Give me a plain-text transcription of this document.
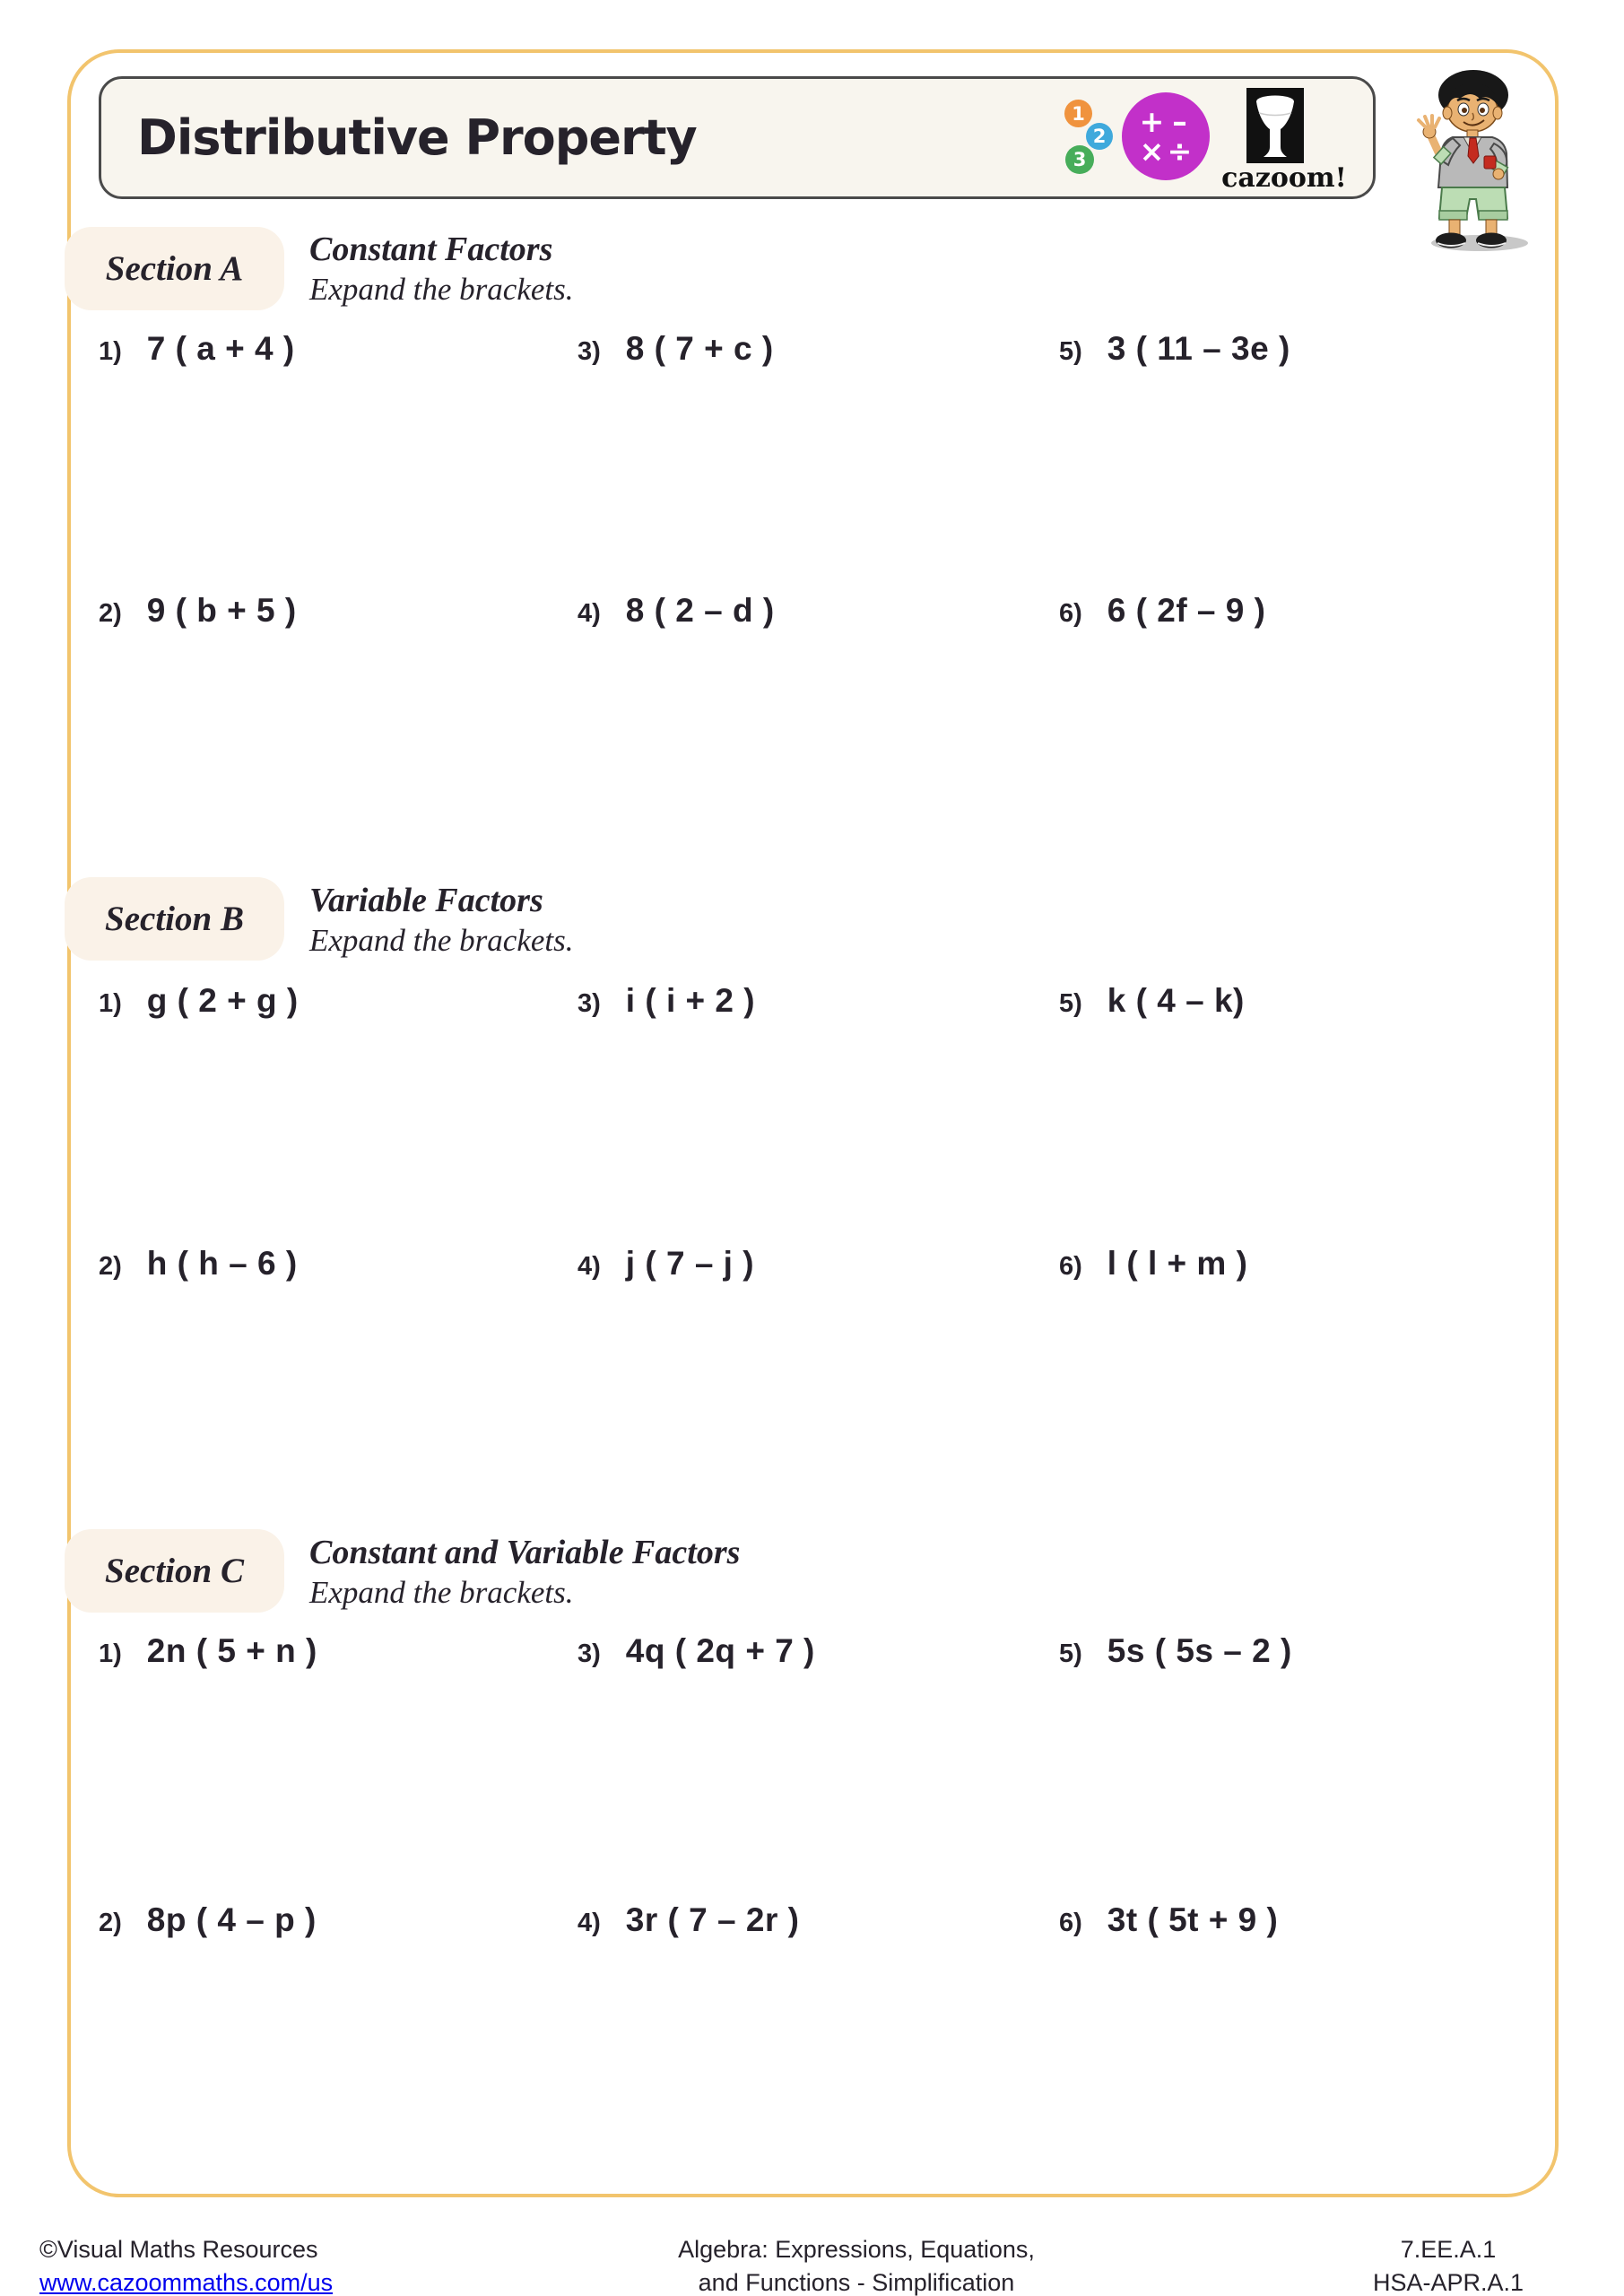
Distributive Property	1
2
3
+ –
× ÷
cazoom!
Section A	Constant Factors
Expand the brackets.
1) 7 ( a + 4 )	3) 8 ( 7 + c )	5) 3 ( 11 – 3e )
2) 9 ( b + 5 )	4) 8 ( 2 – d )	6) 6 ( 2f – 9 )
Section B	Variable Factors
Expand the brackets.
1) g ( 2 + g )	3) i ( i + 2 )	5) k ( 4 – k)
2) h ( h – 6 )	4) j ( 7 – j )	6) l ( l + m )
Section C	Constant and Variable Factors
Expand the brackets.
1) 2n ( 5 + n )	3) 4q ( 2q + 7 )	5) 5s ( 5s – 2 )
2) 8p ( 4 – p )	4) 3r ( 7 – 2r )	6) 3t ( 5t + 9 )
©Visual Maths Resources
www.cazoommaths.com/us
Algebra: Expressions, Equations,
and Functions - Simplification
7.EE.A.1
HSA-APR.A.1
